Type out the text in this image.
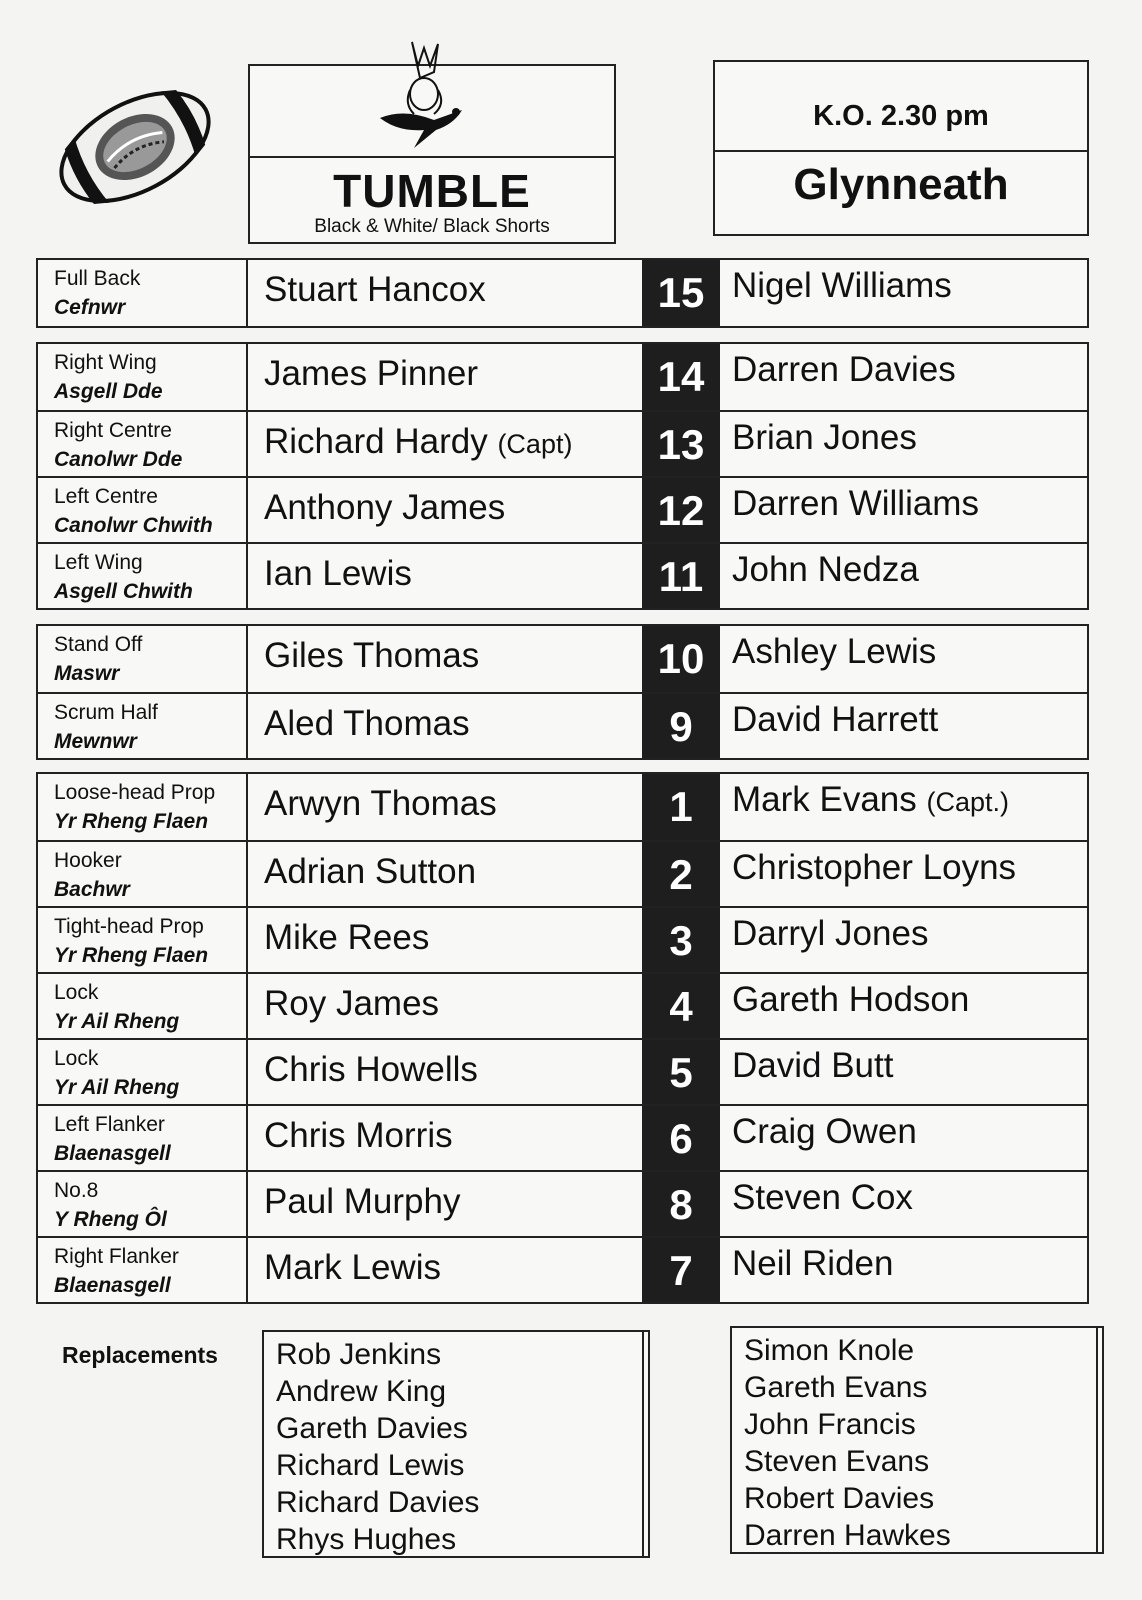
TUMBLE
Black & White/ Black Shorts
K.O. 2.30 pm
Glynneath
Full Back
Cefnwr	Stuart Hancox	15 Nigel Williams
Right Wing
Asgell Dde	James Pinner	14 Darren Davies
Right Centre
Canolwr Dde	Richard Hardy (Capt)	13 Brian Jones
Left Centre
Canolwr Chwith	Anthony James	12 Darren Williams
Left Wing
Asgell Chwith	Ian Lewis	11 John Nedza
Stand Off
Maswr	Giles Thomas	10 Ashley Lewis
Scrum Half
Mewnwr	Aled Thomas	9	David Harrett
Loose-head Prop
Yr Rheng Flaen	Arwyn Thomas	1	Mark Evans (Capt.)
Hooker
Bachwr	Adrian Sutton	2	Christopher Loyns
Tight-head Prop
Yr Rheng Flaen	Mike Rees	3	Darryl Jones
Lock
Yr Ail Rheng	Roy James	4	Gareth Hodson
Lock
Yr Ail Rheng	Chris Howells	5	David Butt
Left Flanker
Blaenasgell	Chris Morris	6	Craig Owen
No.8
Y Rheng Ôl	Paul Murphy	8	Steven Cox
Right Flanker
Blaenasgell	Mark Lewis	7	Neil Riden
Replacements Rob Jenkins
Andrew King
Gareth Davies
Richard Lewis
Richard Davies
Rhys Hughes
Simon Knole
Gareth Evans
John Francis
Steven Evans
Robert Davies
Darren Hawkes
